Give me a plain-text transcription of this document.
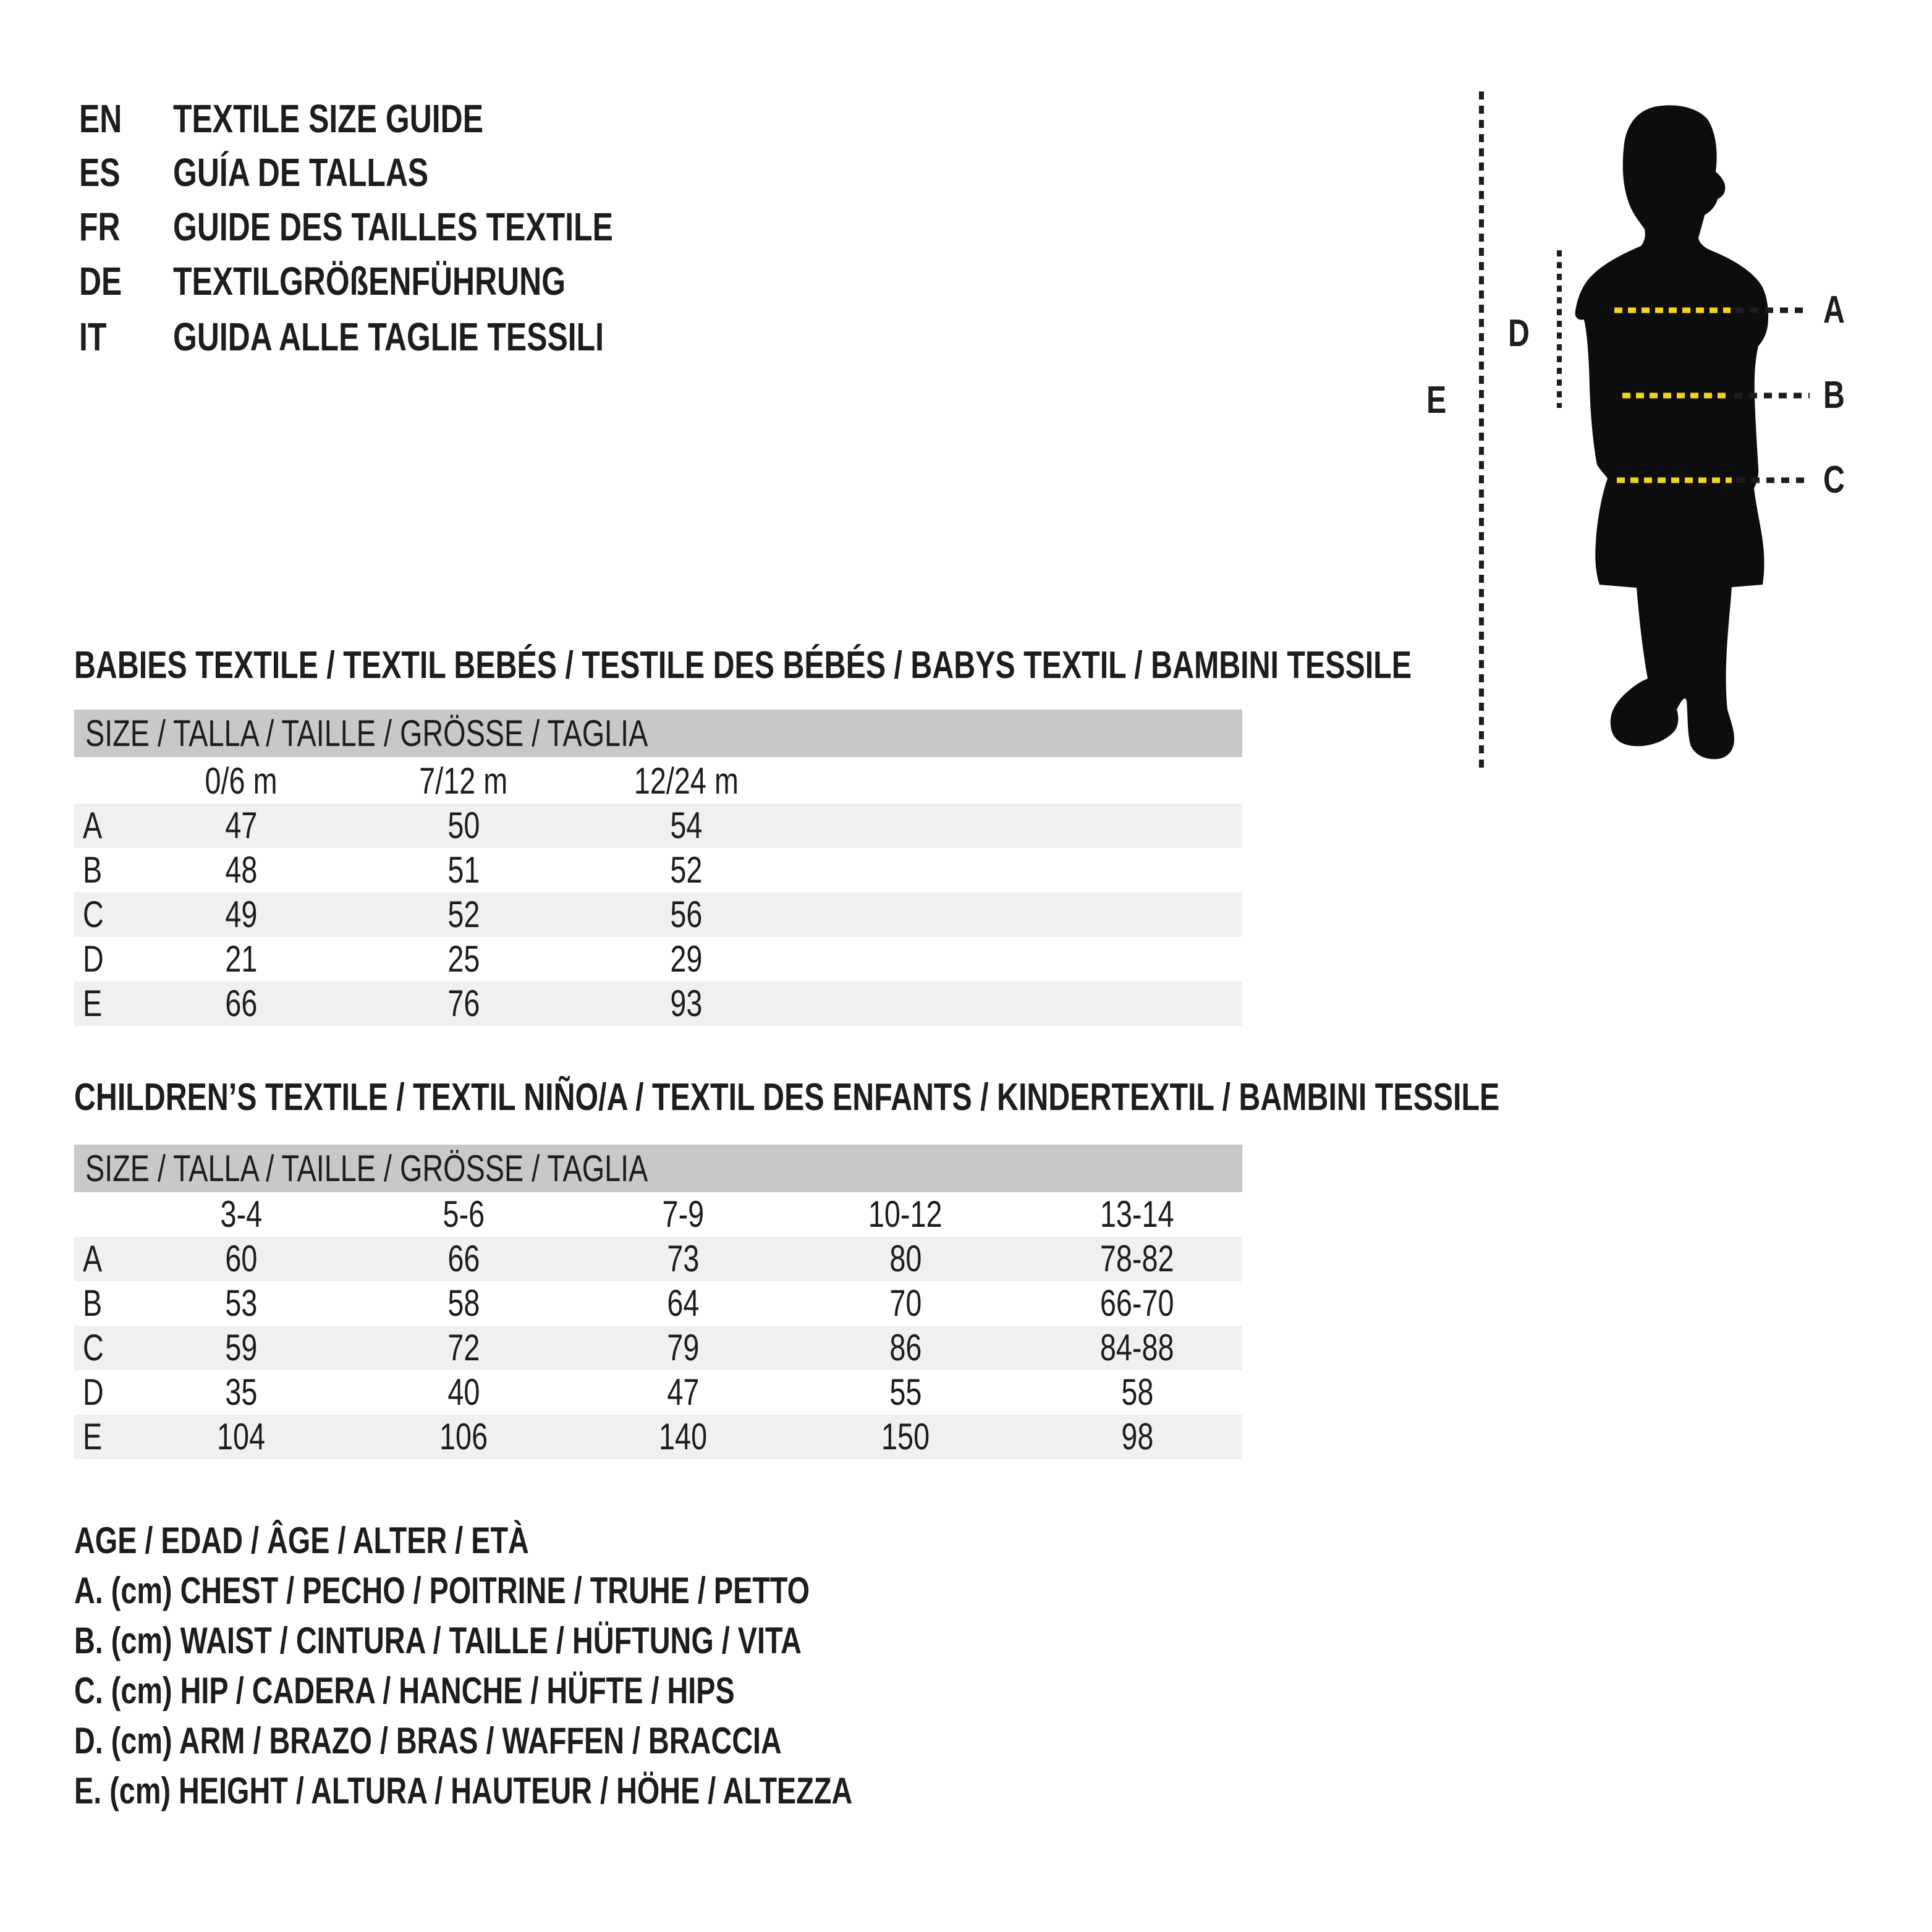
EN	TEXTILE SIZE GUIDE
ES GUÍA DE TALLAS
FR GUIDE DES TAILLES TEXTILE
DE	TEXTILGRÖßENFÜHRUNG
IT GUIDA ALLE TAGLIE TESSILI
A
B
C
D
E
BABIES TEXTILE / TEXTIL BEBÉS / TESTILE DES BÉBÉS / BABYS TEXTIL / BAMBINI TESSILE
SIZE / TALLA / TAILLE / GRÖSSE / TAGLIA
0/6 m	7/12 m	12/24 m
A	47	50	54
B	48	51	52
C	49	52	56
D	21	25	29
E	66	76	93
CHILDREN’S TEXTILE / TEXTIL NIÑO/A / TEXTIL DES ENFANTS / KINDERTEXTIL / BAMBINI TESSILE
SIZE / TALLA / TAILLE / GRÖSSE / TAGLIA
3-4	5-6	7-9	10-12	13-14
A	60	66	73	80	78-82
B	53	58	64	70	66-70
C	59	72	79	86	84-88
D	35	40	47	55	58
E	104	106	140	150	98
AGE / EDAD / ÂGE / ALTER / ETÀ
A. (cm) CHEST / PECHO / POITRINE / TRUHE / PETTO
B. (cm) WAIST / CINTURA / TAILLE / HÜFTUNG / VITA
C. (cm) HIP / CADERA / HANCHE / HÜFTE / HIPS
D. (cm) ARM / BRAZO / BRAS / WAFFEN / BRACCIA
E. (cm) HEIGHT / ALTURA / HAUTEUR / HÖHE / ALTEZZA
